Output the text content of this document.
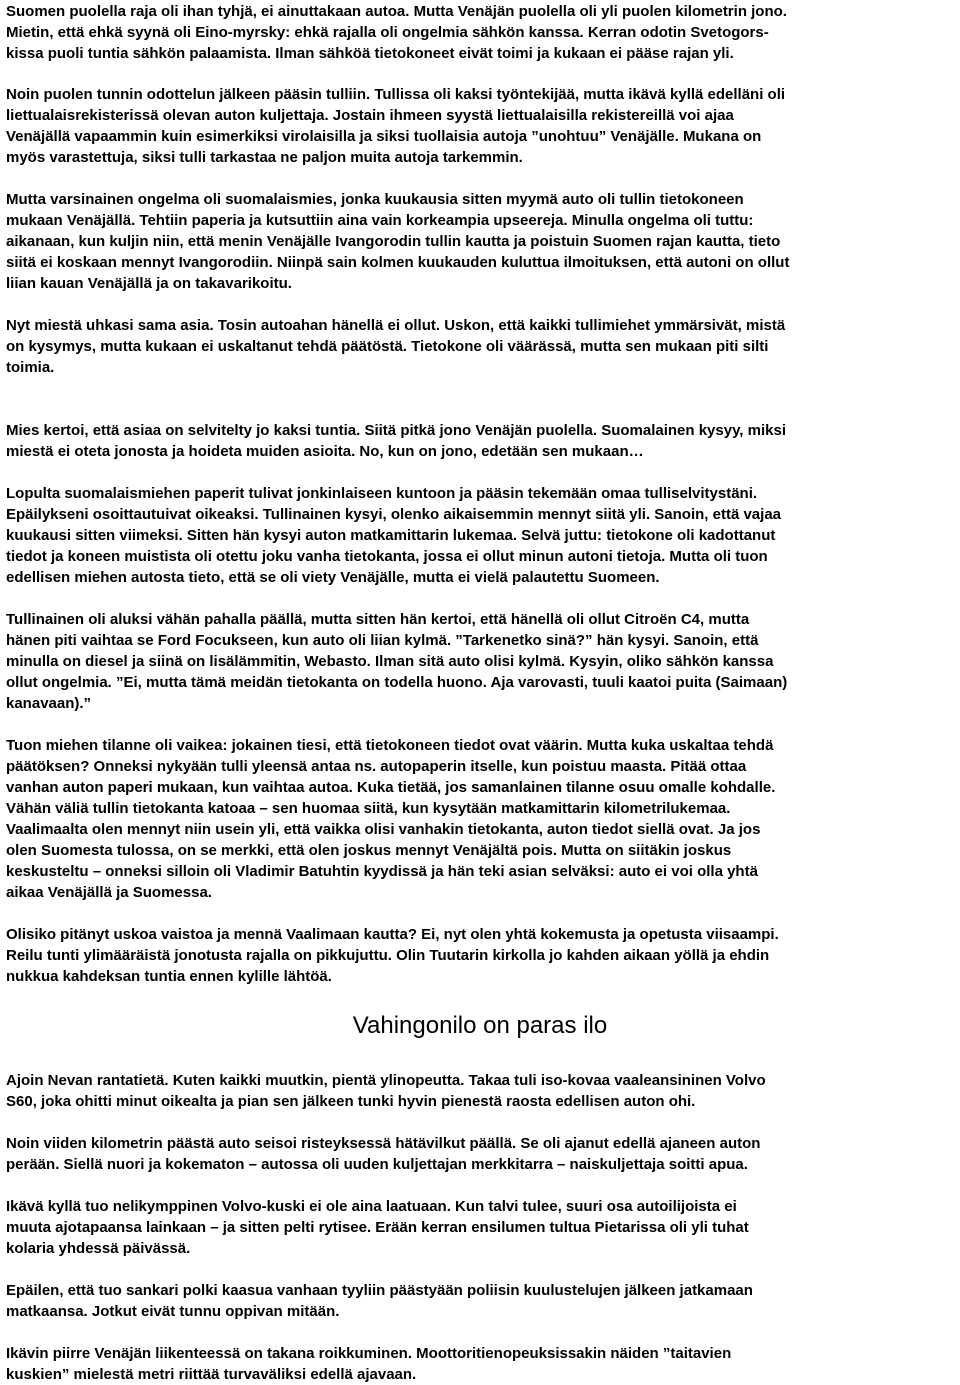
Suomen puolella raja oli ihan tyhjä, ei ainuttakaan autoa. Mutta Venäjän puolella oli yli puolen kilometrin jono.
Mietin, että ehkä syynä oli Eino-myrsky: ehkä rajalla oli ongelmia sähkön kanssa. Kerran odotin Svetogors-
kissa puoli tuntia sähkön palaamista. Ilman sähköä tietokoneet eivät toimi ja kukaan ei pääse rajan yli.

Noin puolen tunnin odottelun jälkeen pääsin tulliin. Tullissa oli kaksi työntekijää, mutta ikävä kyllä edelläni oli
liettualaisrekisterissä olevan auton kuljettaja. Jostain ihmeen syystä liettualaisilla rekistereillä voi ajaa
Venäjällä vapaammin kuin esimerkiksi virolaisilla ja siksi tuollaisia autoja ”unohtuu” Venäjälle. Mukana on
myös varastettuja, siksi tulli tarkastaa ne paljon muita autoja tarkemmin.

Mutta varsinainen ongelma oli suomalaismies, jonka kuukausia sitten myymä auto oli tullin tietokoneen
mukaan Venäjällä. Tehtiin paperia ja kutsuttiin aina vain korkeampia upseereja. Minulla ongelma oli tuttu:
aikanaan, kun kuljin niin, että menin Venäjälle Ivangorodin tullin kautta ja poistuin Suomen rajan kautta, tieto
siitä ei koskaan mennyt Ivangorodiin. Niinpä sain kolmen kuukauden kuluttua ilmoituksen, että autoni on ollut
liian kauan Venäjällä ja on takavarikoitu.

Nyt miestä uhkasi sama asia. Tosin autoahan hänellä ei ollut. Uskon, että kaikki tullimiehet ymmärsivät, mistä
on kysymys, mutta kukaan ei uskaltanut tehdä päätöstä. Tietokone oli väärässä, mutta sen mukaan piti silti
toimia.

Mies kertoi, että asiaa on selvitelty jo kaksi tuntia. Siitä pitkä jono Venäjän puolella. Suomalainen kysyy, miksi
miestä ei oteta jonosta ja hoideta muiden asioita. No, kun on jono, edetään sen mukaan…

Lopulta suomalaismiehen paperit tulivat jonkinlaiseen kuntoon ja pääsin tekemään omaa tulliselvitystäni.
Epäilykseni osoittautuivat oikeaksi. Tullinainen kysyi, olenko aikaisemmin mennyt siitä yli. Sanoin, että vajaa
kuukausi sitten viimeksi. Sitten hän kysyi auton matkamittarin lukemaa. Selvä juttu: tietokone oli kadottanut
tiedot ja koneen muistista oli otettu joku vanha tietokanta, jossa ei ollut minun autoni tietoja. Mutta oli tuon
edellisen miehen autosta tieto, että se oli viety Venäjälle, mutta ei vielä palautettu Suomeen.

Tullinainen oli aluksi vähän pahalla päällä, mutta sitten hän kertoi, että hänellä oli ollut Citroën C4, mutta
hänen piti vaihtaa se Ford Focukseen, kun auto oli liian kylmä. ”Tarkenetko sinä?” hän kysyi. Sanoin, että
minulla on diesel ja siinä on lisälämmitin, Webasto. Ilman sitä auto olisi kylmä. Kysyin, oliko sähkön kanssa
ollut ongelmia. ”Ei, mutta tämä meidän tietokanta on todella huono. Aja varovasti, tuuli kaatoi puita (Saimaan)
kanavaan).”

Tuon miehen tilanne oli vaikea: jokainen tiesi, että tietokoneen tiedot ovat väärin. Mutta kuka uskaltaa tehdä
päätöksen? Onneksi nykyään tulli yleensä antaa ns. autopaperin itselle, kun poistuu maasta. Pitää ottaa
vanhan auton paperi mukaan, kun vaihtaa autoa. Kuka tietää, jos samanlainen tilanne osuu omalle kohdalle.
Vähän väliä tullin tietokanta katoaa – sen huomaa siitä, kun kysytään matkamittarin kilometrilukemaa.
Vaalimaalta olen mennyt niin usein yli, että vaikka olisi vanhakin tietokanta, auton tiedot siellä ovat. Ja jos
olen Suomesta tulossa, on se merkki, että olen joskus mennyt Venäjältä pois. Mutta on siitäkin joskus
keskusteltu – onneksi silloin oli Vladimir Batuhtin kyydissä ja hän teki asian selväksi: auto ei voi olla yhtä
aikaa Venäjällä ja Suomessa.

Olisiko pitänyt uskoa vaistoa ja mennä Vaalimaan kautta? Ei, nyt olen yhtä kokemusta ja opetusta viisaampi.
Reilu tunti ylimääräistä jonotusta rajalla on pikkujuttu. Olin Tuutarin kirkolla jo kahden aikaan yöllä ja ehdin
nukkua kahdeksan tuntia ennen kylille lähtöä.

Vahingonilo on paras ilo

Ajoin Nevan rantatietä. Kuten kaikki muutkin, pientä ylinopeutta. Takaa tuli iso-kovaa vaaleansininen Volvo
S60, joka ohitti minut oikealta ja pian sen jälkeen tunki hyvin pienestä raosta edellisen auton ohi.

Noin viiden kilometrin päästä auto seisoi risteyksessä hätävilkut päällä. Se oli ajanut edellä ajaneen auton
perään. Siellä nuori ja kokematon – autossa oli uuden kuljettajan merkkitarra – naiskuljettaja soitti apua.

Ikävä kyllä tuo nelikymppinen Volvo-kuski ei ole aina laatuaan. Kun talvi tulee, suuri osa autoilijoista ei
muuta ajotapaansa lainkaan – ja sitten pelti rytisee. Erään kerran ensilumen tultua Pietarissa oli yli tuhat
kolaria yhdessä päivässä.

Epäilen, että tuo sankari polki kaasua vanhaan tyyliin päästyään poliisin kuulustelujen jälkeen jatkamaan
matkaansa. Jotkut eivät tunnu oppivan mitään.

Ikävin piirre Venäjän liikenteessä on takana roikkuminen. Moottoritienopeuksissakin näiden ”taitavien
kuskien” mielestä metri riittää turvaväliksi edellä ajavaan.
